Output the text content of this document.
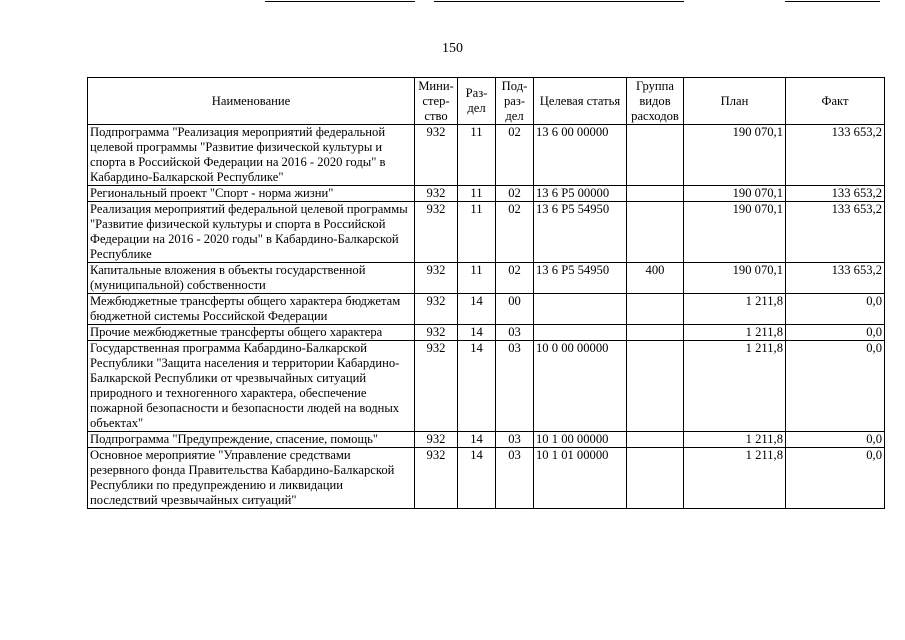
150
Наименование	Мини-стер-ство	Раз-дел	Под-раз-дел	Целевая статья	Группа видов расходов	План	Факт
Подпрограмма "Реализация мероприятий федеральной целевой программы "Развитие физической культуры и спорта в Российской Федерации на 2016 - 2020 годы" в Кабардино-Балкарской Республике"	932	11	02	13 6 00 00000		190 070,1	133 653,2
Региональный проект "Спорт - норма жизни"	932	11	02	13 6 Р5 00000		190 070,1	133 653,2
Реализация мероприятий федеральной целевой программы "Развитие физической культуры и спорта в Российской Федерации на 2016 - 2020 годы" в Кабардино-Балкарской Республике	932	11	02	13 6 Р5 54950		190 070,1	133 653,2
Капитальные вложения в объекты государственной (муниципальной) собственности	932	11	02	13 6 Р5 54950	400	190 070,1	133 653,2
Межбюджетные трансферты общего характера бюджетам бюджетной системы Российской Федерации	932	14	00			1 211,8	0,0
Прочие межбюджетные трансферты общего характера	932	14	03			1 211,8	0,0
Государственная программа Кабардино-Балкарской Республики "Защита населения и территории Кабардино-Балкарской Республики от чрезвычайных ситуаций природного и техногенного характера, обеспечение пожарной безопасности и безопасности людей на водных объектах"	932	14	03	10 0 00 00000		1 211,8	0,0
Подпрограмма "Предупреждение, спасение, помощь"	932	14	03	10 1 00 00000		1 211,8	0,0
Основное мероприятие "Управление средствами резервного фонда Правительства Кабардино-Балкарской Республики по предупреждению и ликвидации последствий чрезвычайных ситуаций"	932	14	03	10 1 01 00000		1 211,8	0,0
